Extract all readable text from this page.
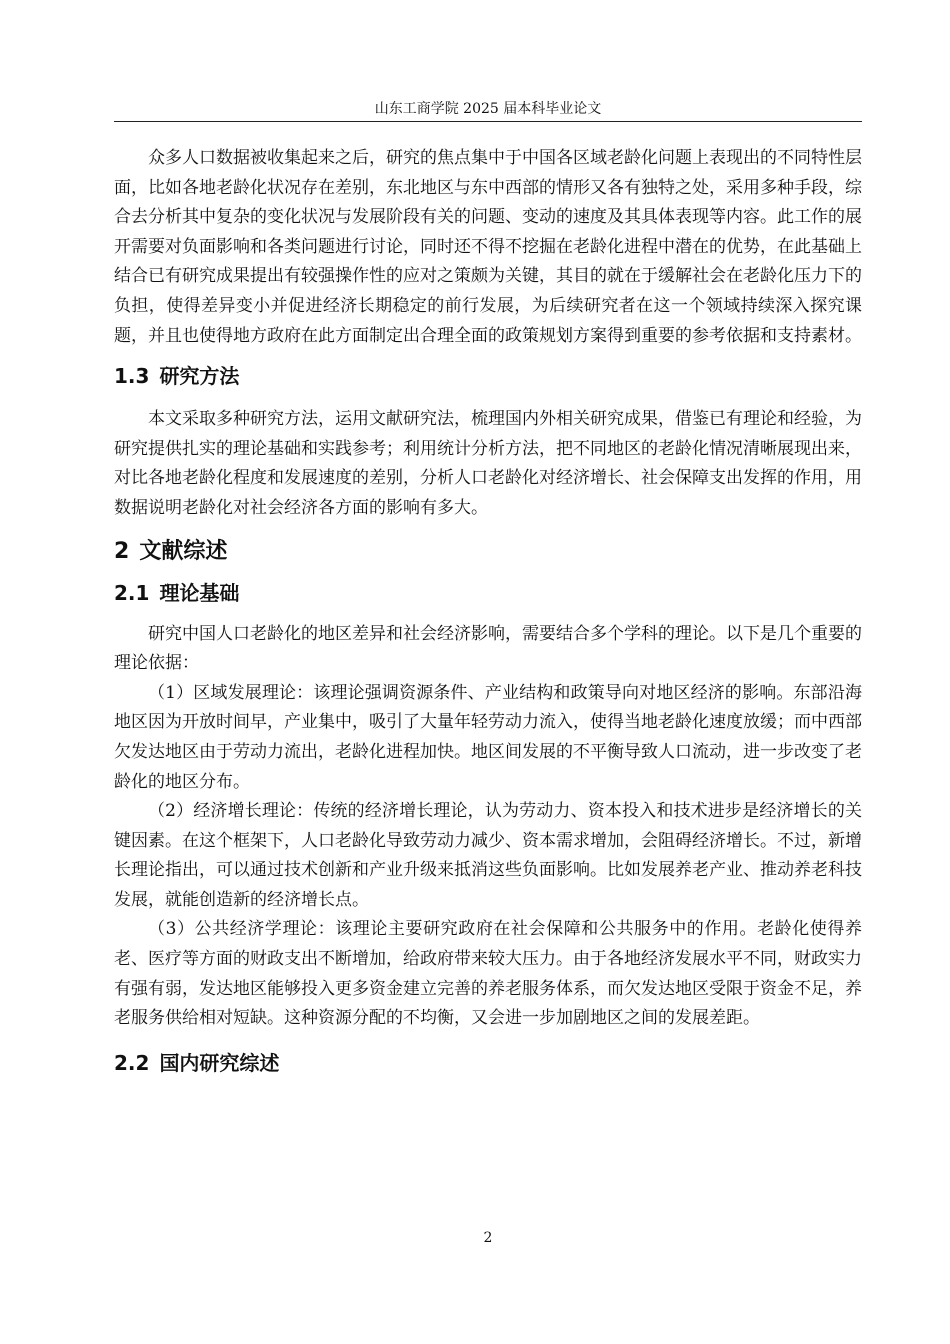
山东工商学院 2025 届本科毕业论文

众多人口数据被收集起来之后，研究的焦点集中于中国各区域老龄化问题上表现出的不同特性层面，比如各地老龄化状况存在差别，东北地区与东中西部的情形又各有独特之处，采用多种手段，综合去分析其中复杂的变化状况与发展阶段有关的问题、变动的速度及其具体表现等内容。此工作的展开需要对负面影响和各类问题进行讨论，同时还不得不挖掘在老龄化进程中潜在的优势，在此基础上结合已有研究成果提出有较强操作性的应对之策颇为关键，其目的就在于缓解社会在老龄化压力下的负担，使得差异变小并促进经济长期稳定的前行发展，为后续研究者在这一个领域持续深入探究课题，并且也使得地方政府在此方面制定出合理全面的政策规划方案得到重要的参考依据和支持素材。

1.3 研究方法

本文采取多种研究方法，运用文献研究法，梳理国内外相关研究成果，借鉴已有理论和经验，为研究提供扎实的理论基础和实践参考；利用统计分析方法，把不同地区的老龄化情况清晰展现出来，对比各地老龄化程度和发展速度的差别，分析人口老龄化对经济增长、社会保障支出发挥的作用，用数据说明老龄化对社会经济各方面的影响有多大。

2 文献综述
2.1 理论基础

研究中国人口老龄化的地区差异和社会经济影响，需要结合多个学科的理论。以下是几个重要的理论依据：

（1）区域发展理论：该理论强调资源条件、产业结构和政策导向对地区经济的影响。东部沿海地区因为开放时间早，产业集中，吸引了大量年轻劳动力流入，使得当地老龄化速度放缓；而中西部欠发达地区由于劳动力流出，老龄化进程加快。地区间发展的不平衡导致人口流动，进一步改变了老龄化的地区分布。

（2）经济增长理论：传统的经济增长理论，认为劳动力、资本投入和技术进步是经济增长的关键因素。在这个框架下，人口老龄化导致劳动力减少、资本需求增加，会阻碍经济增长。不过，新增长理论指出，可以通过技术创新和产业升级来抵消这些负面影响。比如发展养老产业、推动养老科技发展，就能创造新的经济增长点。

（3）公共经济学理论：该理论主要研究政府在社会保障和公共服务中的作用。老龄化使得养老、医疗等方面的财政支出不断增加，给政府带来较大压力。由于各地经济发展水平不同，财政实力有强有弱，发达地区能够投入更多资金建立完善的养老服务体系，而欠发达地区受限于资金不足，养老服务供给相对短缺。这种资源分配的不均衡，又会进一步加剧地区之间的发展差距。

2.2 国内研究综述
2
